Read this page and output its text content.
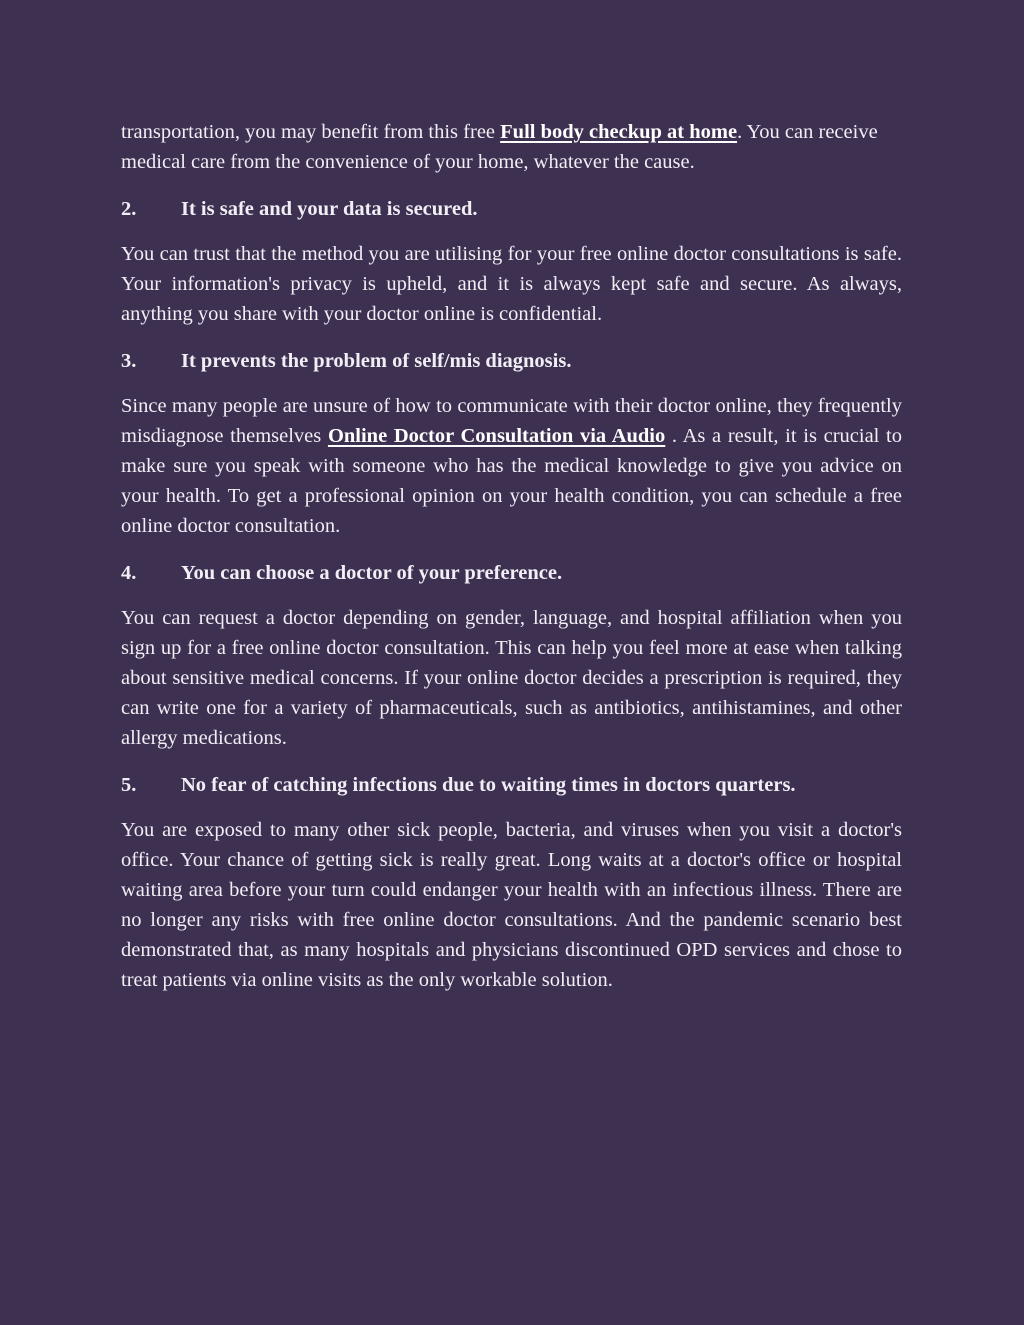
transportation, you may benefit from this free Full body checkup at home. You can receive medical care from the convenience of your home, whatever the cause.

2.	It is safe and your data is secured.

You can trust that the method you are utilising for your free online doctor consultations is safe. Your information's privacy is upheld, and it is always kept safe and secure. As always, anything you share with your doctor online is confidential.

3.	It prevents the problem of self/mis diagnosis.

Since many people are unsure of how to communicate with their doctor online, they frequently misdiagnose themselves Online Doctor Consultation via Audio . As a result, it is crucial to make sure you speak with someone who has the medical knowledge to give you advice on your health. To get a professional opinion on your health condition, you can schedule a free online doctor consultation.

4.	You can choose a doctor of your preference.

You can request a doctor depending on gender, language, and hospital affiliation when you sign up for a free online doctor consultation. This can help you feel more at ease when talking about sensitive medical concerns. If your online doctor decides a prescription is required, they can write one for a variety of pharmaceuticals, such as antibiotics, antihistamines, and other allergy medications.

5. No fear of catching infections due to waiting times in doctors quarters.

You are exposed to many other sick people, bacteria, and viruses when you visit a doctor's office. Your chance of getting sick is really great. Long waits at a doctor's office or hospital waiting area before your turn could endanger your health with an infectious illness. There are no longer any risks with free online doctor consultations. And the pandemic scenario best demonstrated that, as many hospitals and physicians discontinued OPD services and chose to treat patients via online visits as the only workable solution.
